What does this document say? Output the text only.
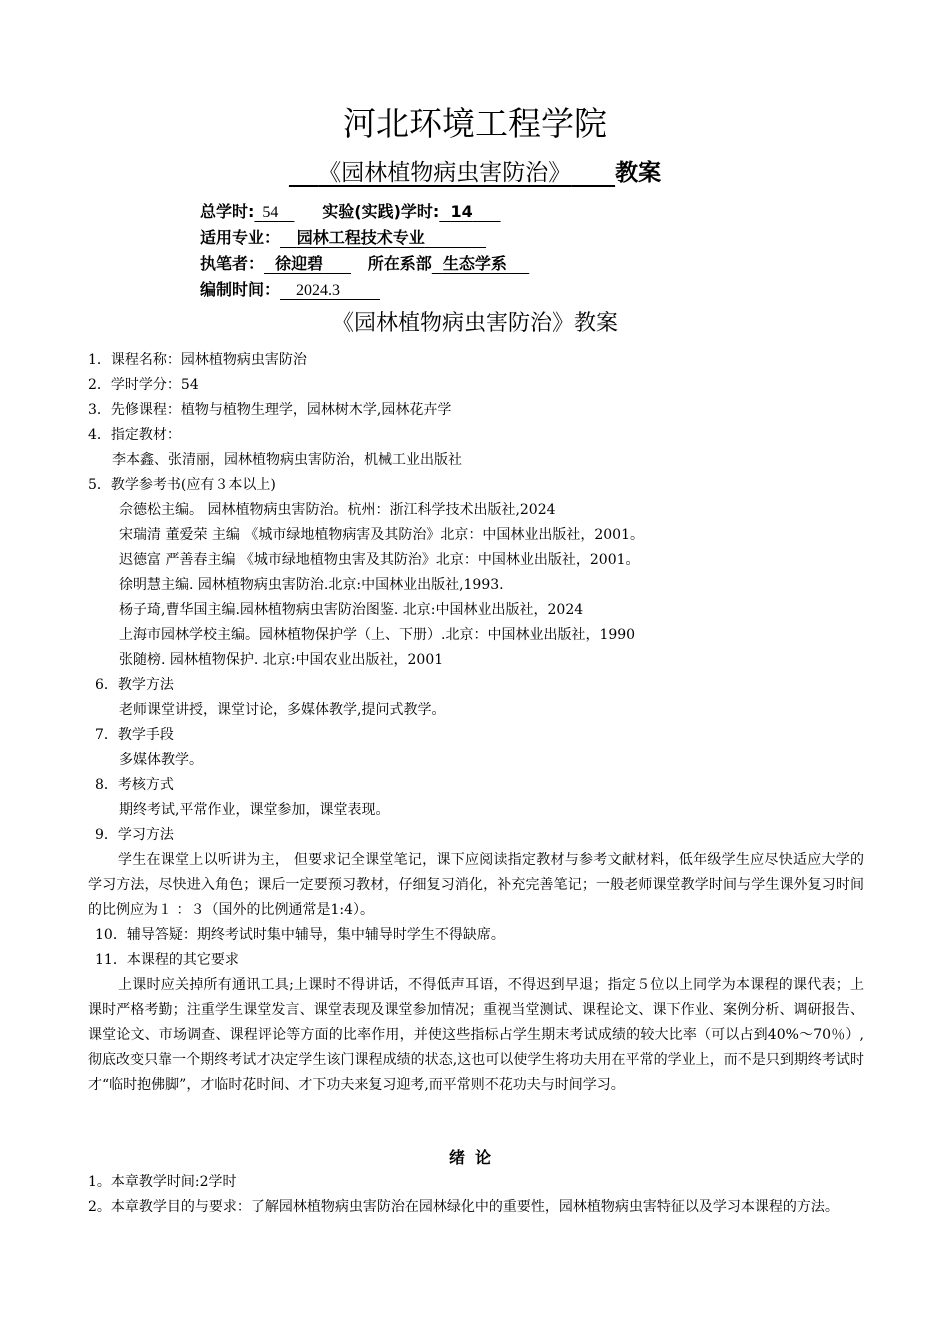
河北环境工程学院
《园林植物病虫害防治》 教案
总学时: 54	实验(实践)学时: 14
适用专业： 园林工程技术专业
执笔者： 徐迎碧	所在系部 生态学系
编制时间： 2024.3
《园林植物病虫害防治》教案
1．课程名称：园林植物病虫害防治
2．学时学分：54
3．先修课程：植物与植物生理学，园林树木学,园林花卉学
4．指定教材：
李本鑫、张清丽，园林植物病虫害防治，机械工业出版社
5．教学参考书(应有３本以上)
佘德松主编。 园林植物病虫害防治。杭州：浙江科学技术出版社,2024
宋瑞清 董爱荣 主编 《城市绿地植物病害及其防治》北京：中国林业出版社，2001。
迟德富 严善春主编 《城市绿地植物虫害及其防治》北京：中国林业出版社，2001。
徐明慧主编. 园林植物病虫害防治.北京:中国林业出版社,1993.
杨子琦,曹华国主编.园林植物病虫害防治图鉴. 北京:中国林业出版社，2024
上海市园林学校主编。园林植物保护学（上、下册）.北京：中国林业出版社，1990
张随榜. 园林植物保护. 北京:中国农业出版社，2001
6．教学方法
老师课堂讲授，课堂讨论，多媒体教学,提问式教学。
7．教学手段
多媒体教学。
8．考核方式
期终考试,平常作业，课堂参加，课堂表现。
9．学习方法
学生在课堂上以听讲为主， 但要求记全课堂笔记，课下应阅读指定教材与参考文献材料，低年级学生应尽快适应大学的学习方法，尽快进入角色；课后一定要预习教材，仔细复习消化，补充完善笔记；一般老师课堂教学时间与学生课外复习时间的比例应为１ ：３（国外的比例通常是1:4）。
10．辅导答疑：期终考试时集中辅导，集中辅导时学生不得缺席。
11．本课程的其它要求
上课时应关掉所有通讯工具;上课时不得讲话，不得低声耳语，不得迟到早退；指定５位以上同学为本课程的课代表；上课时严格考勤；注重学生课堂发言、课堂表现及课堂参加情况；重视当堂测试、课程论文、课下作业、案例分析、调研报告、课堂论文、市场调查、课程评论等方面的比率作用，并使这些指标占学生期末考试成绩的较大比率（可以占到40%～70％）,彻底改变只靠一个期终考试才决定学生该门课程成绩的状态,这也可以使学生将功夫用在平常的学业上，而不是只到期终考试时才“临时抱佛脚”，才临时花时间、才下功夫来复习迎考,而平常则不花功夫与时间学习。
绪论
1。本章教学时间:2学时
2。本章教学目的与要求：了解园林植物病虫害防治在园林绿化中的重要性，园林植物病虫害特征以及学习本课程的方法。
